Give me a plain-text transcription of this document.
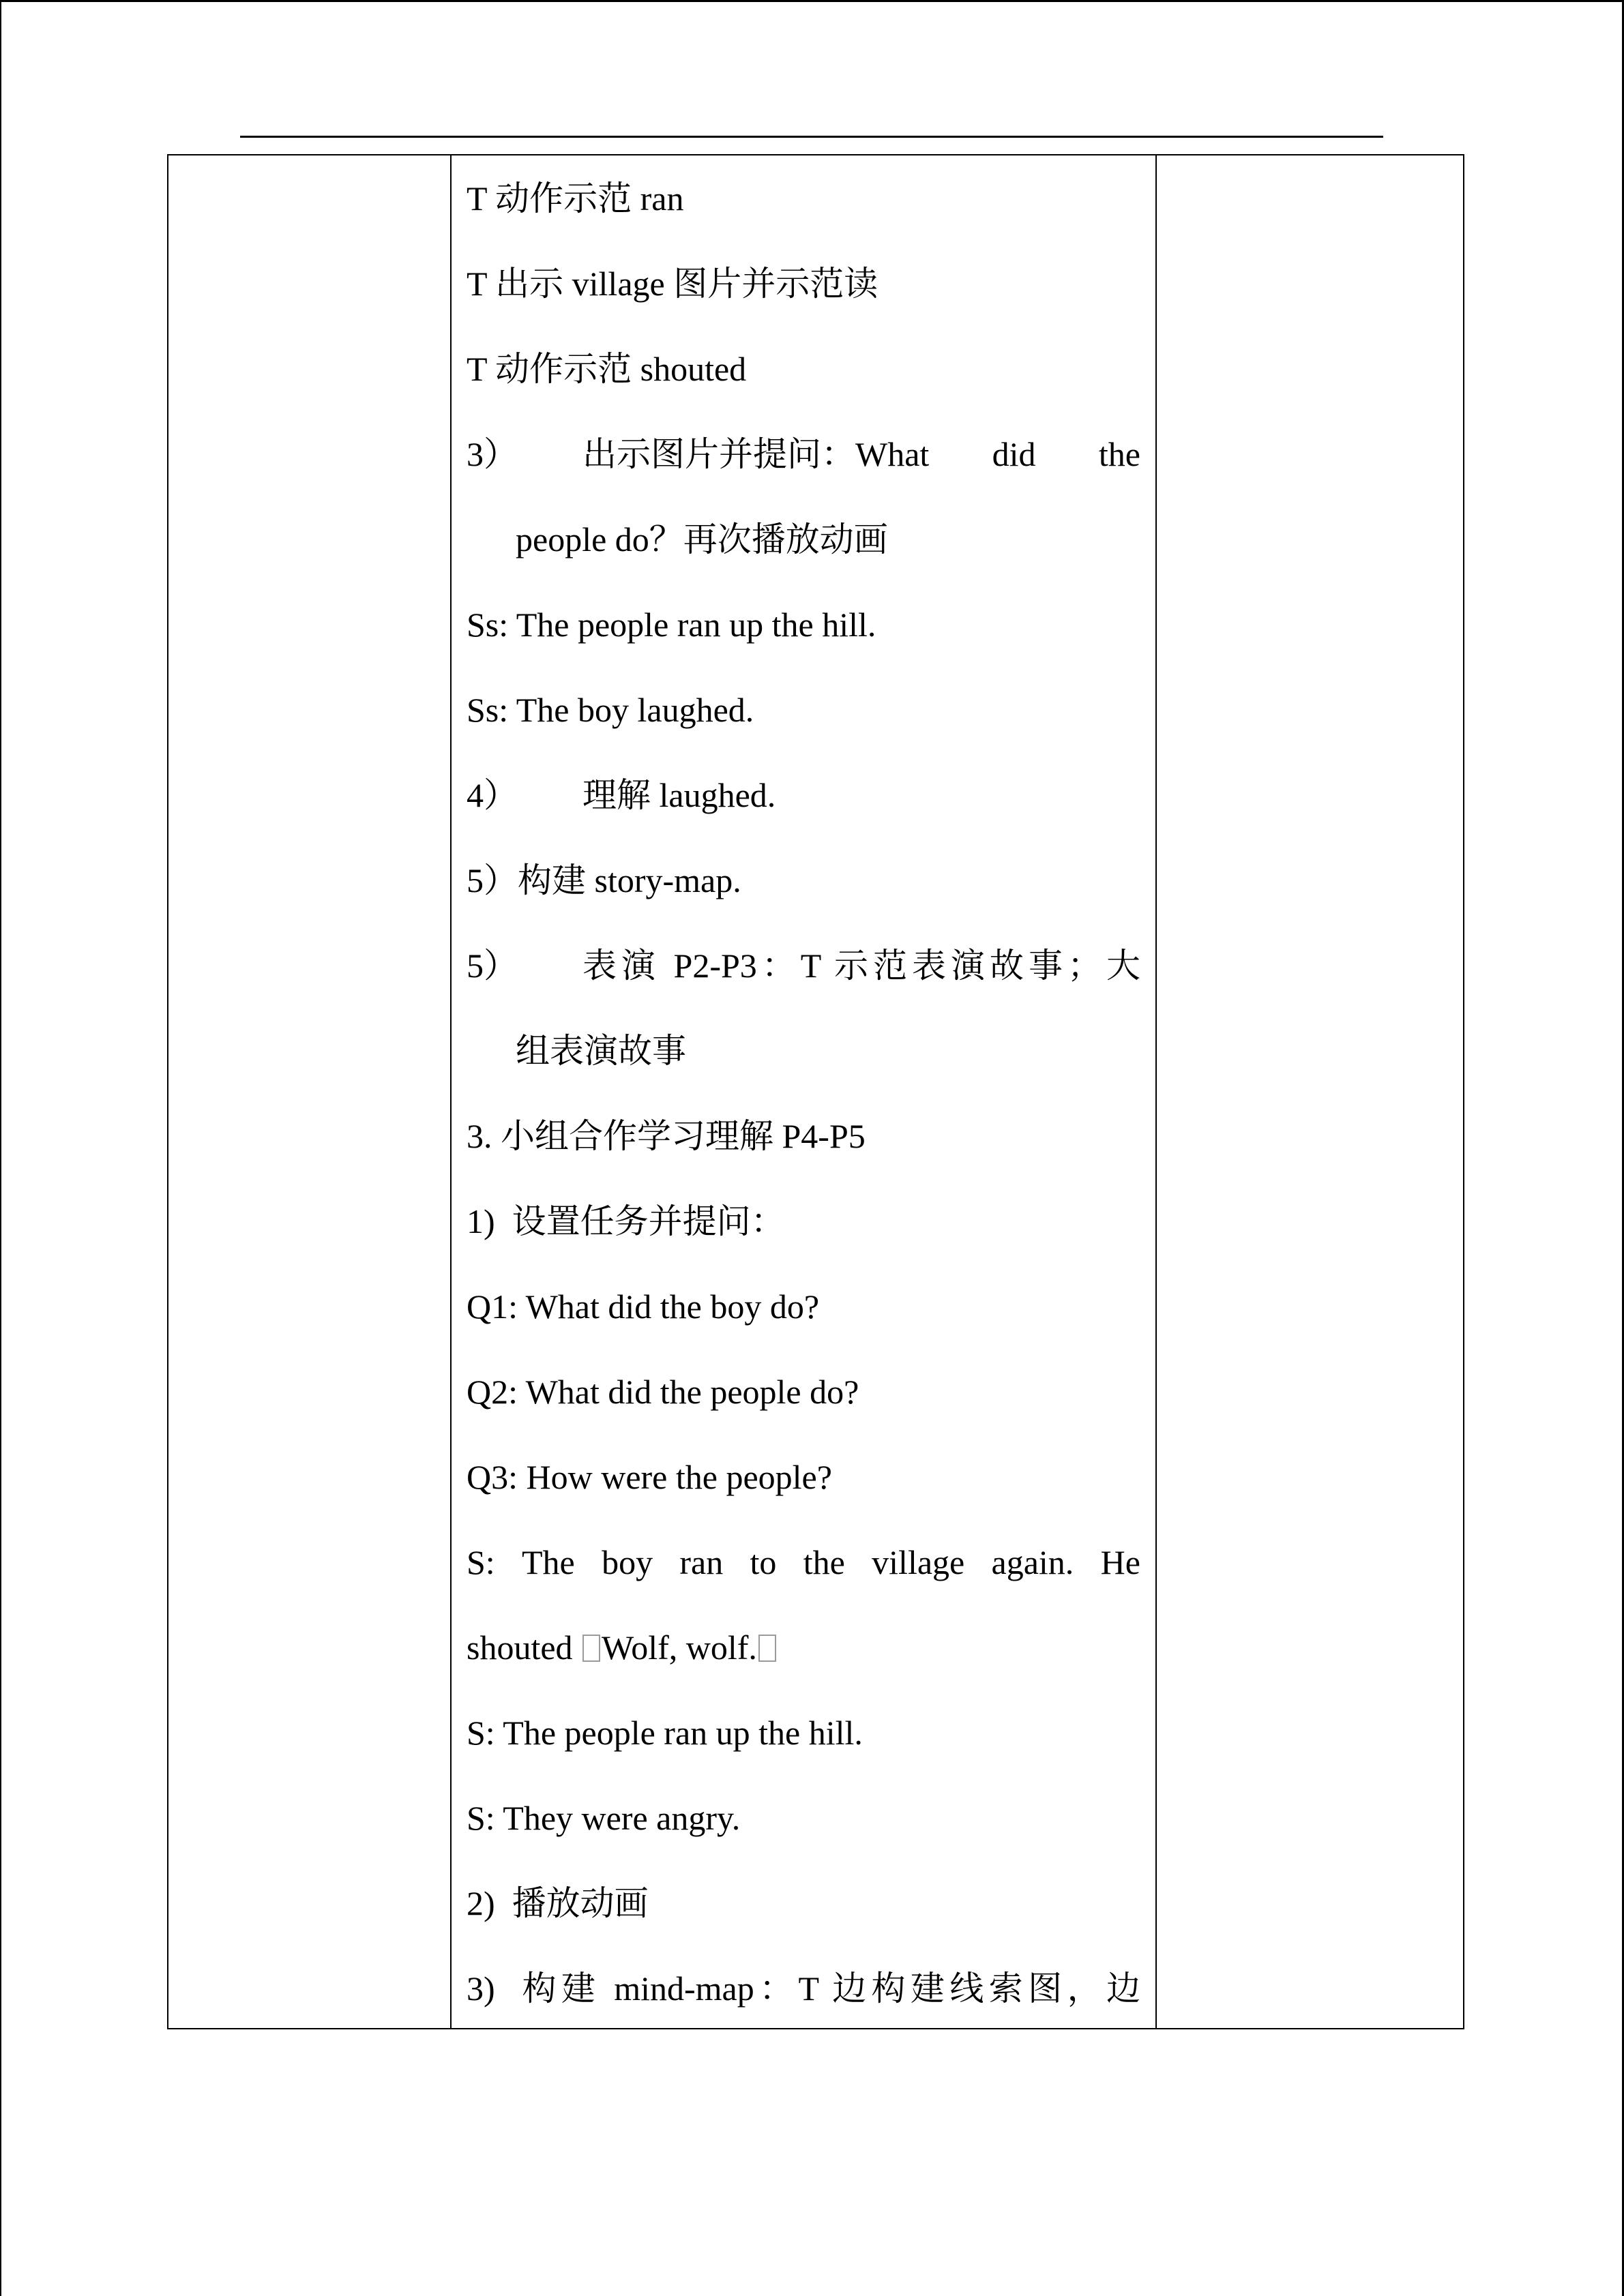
T 动作示范 ran
T 出示 village 图片并示范读
T 动作示范 shouted
3）	出示图片并提问：What did the
people do？再次播放动画
Ss: The people ran up the hill.
Ss: The boy laughed.
4） 理解 laughed.
5）构建 story-map.
5）	表演 P2-P3：T 示范表演故事；大
组表演故事
3. 小组合作学习理解 P4-P5
1)  设置任务并提问：
Q1: What did the boy do?
Q2: What did the people do?
Q3: How were the people?
S: The boy ran to the village again. He
shouted Wolf, wolf.
S: The people ran up the hill.
S: They were angry.
2)  播放动画
3)  构建 mind-map：T 边构建线索图，边
